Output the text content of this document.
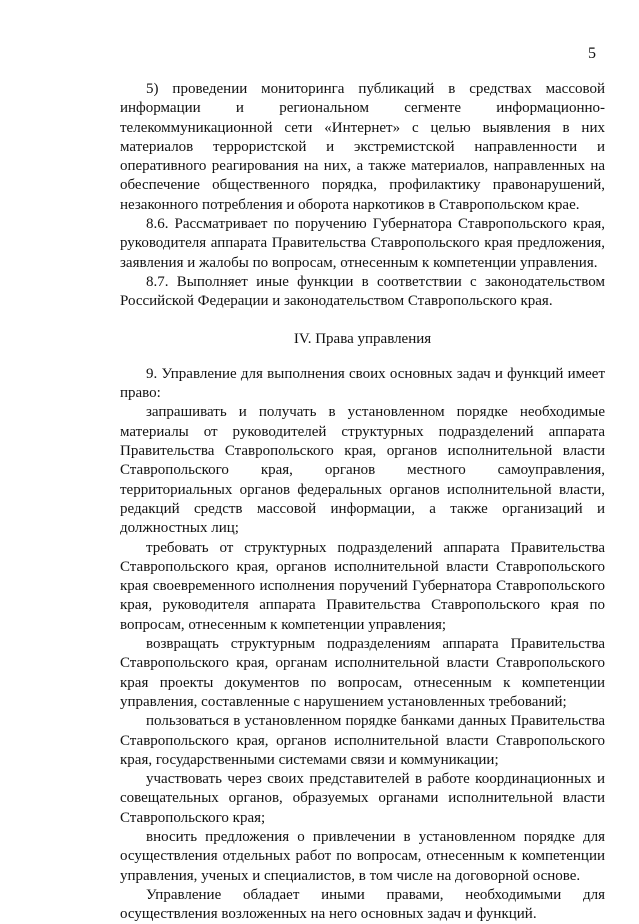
5

5) проведении мониторинга публикаций в средствах массовой информации и региональном сегменте информационно-телекоммуникационной сети «Интернет» с целью выявления в них материалов террористской и экстремистской направленности и оперативного реагирования на них, а также материалов, направленных на обеспечение общественного порядка, профилактику правонарушений, незаконного потребления и оборота наркотиков в Ставропольском крае.

8.6. Рассматривает по поручению Губернатора Ставропольского края, руководителя аппарата Правительства Ставропольского края предложения, заявления и жалобы по вопросам, отнесенным к компетенции управления.

8.7. Выполняет иные функции в соответствии с законодательством Российской Федерации и законодательством Ставропольского края.

IV. Права управления

9. Управление для выполнения своих основных задач и функций имеет право:

запрашивать и получать в установленном порядке необходимые материалы от руководителей структурных подразделений аппарата Правительства Ставропольского края, органов исполнительной власти Ставропольского края, органов местного самоуправления, территориальных органов федеральных органов исполнительной власти, редакций средств массовой информации, а также организаций и должностных лиц;

требовать от структурных подразделений аппарата Правительства Ставропольского края, органов исполнительной власти Ставропольского края своевременного исполнения поручений Губернатора Ставропольского края, руководителя аппарата Правительства Ставропольского края по вопросам, отнесенным к компетенции управления;

возвращать структурным подразделениям аппарата Правительства Ставропольского края, органам исполнительной власти Ставропольского края проекты документов по вопросам, отнесенным к компетенции управления, составленные с нарушением установленных требований;

пользоваться в установленном порядке банками данных Правительства Ставропольского края, органов исполнительной власти Ставропольского края, государственными системами связи и коммуникации;

участвовать через своих представителей в работе координационных и совещательных органов, образуемых органами исполнительной власти Ставропольского края;

вносить предложения о привлечении в установленном порядке для осуществления отдельных работ по вопросам, отнесенным к компетенции управления, ученых и специалистов, в том числе на договорной основе.

Управление обладает иными правами, необходимыми для осуществления возложенных на него основных задач и функций.
